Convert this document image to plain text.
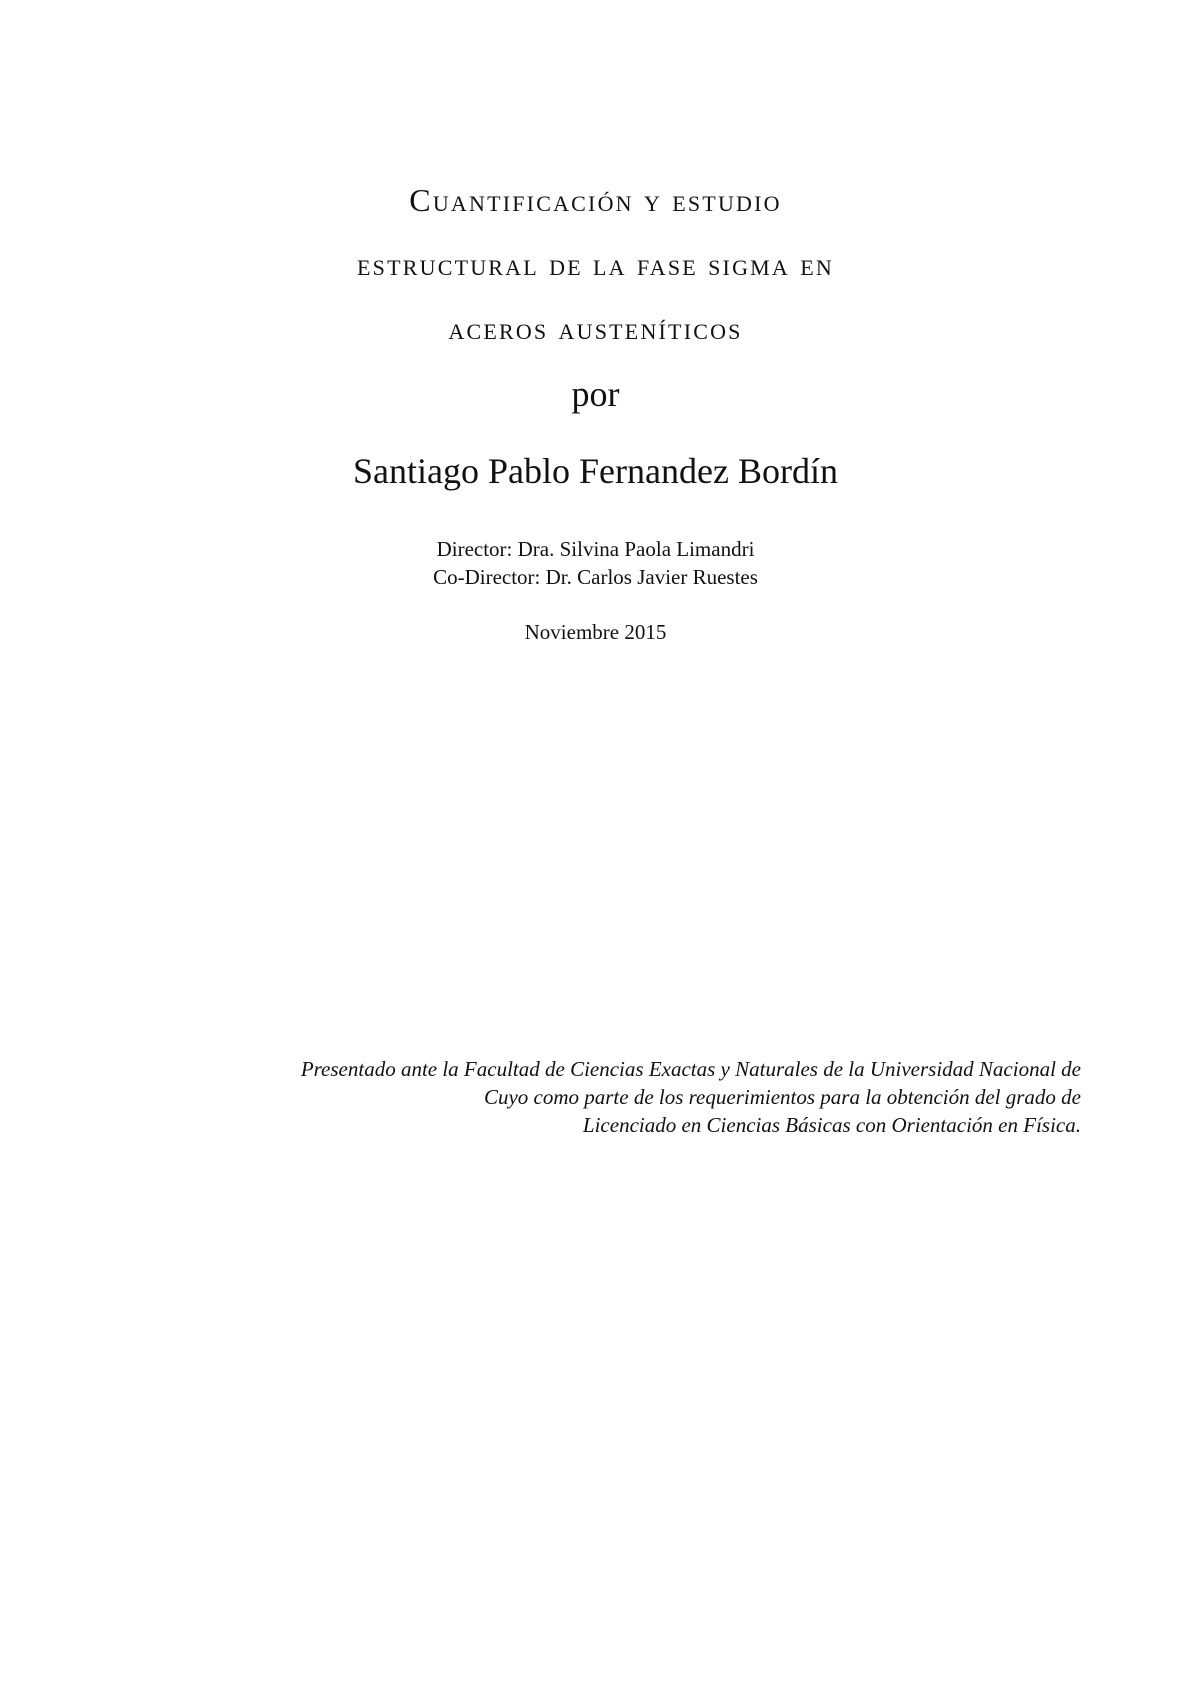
Cuantificación y estudio
estructural de la fase sigma en
aceros austeníticos
por
Santiago Pablo Fernandez Bordín
Director: Dra. Silvina Paola Limandri
Co-Director: Dr. Carlos Javier Ruestes
Noviembre 2015
Presentado ante la Facultad de Ciencias Exactas y Naturales de la Universidad Nacional de
Cuyo como parte de los requerimientos para la obtención del grado de
Licenciado en Ciencias Básicas con Orientación en Física.
